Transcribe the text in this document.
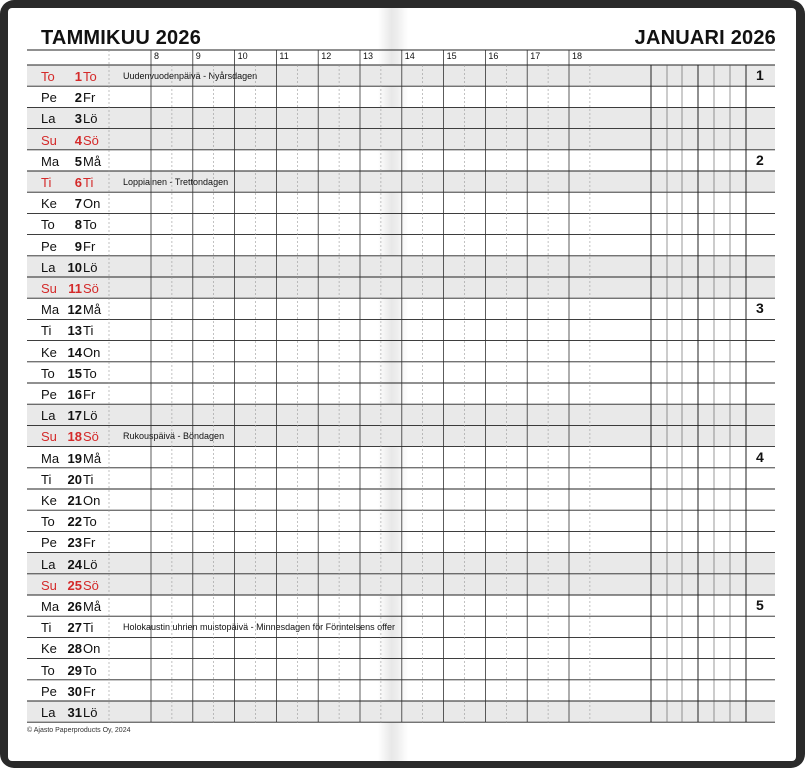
TAMMIKUU 2026	JANUARI 2026
8	9	10	11	12	13	14	15	16	17	18
To	1 To	Uudenvuodenpäivä - Nyårsdagen	1
Pe	2 Fr
La	3 Lö
Su	4 Sö
Ma	5 Må	2
Ti	6 Ti	Loppiainen - Trettondagen
Ke	7 On
To	8 To
Pe	9 Fr
La 10 Lö
Su 11 Sö
Ma 12 Må	3
Ti	13 Ti
Ke 14 On
To 15 To
Pe 16 Fr
La 17 Lö
Su 18 Sö	Rukouspäivä - Böndagen
Ma 19 Må	4
Ti	20 Ti
Ke 21 On
To 22 To
Pe 23 Fr
La 24 Lö
Su 25 Sö
Ma 26 Må	5
Ti	27 Ti	Holokaustin uhrien muistopäivä - Minnesdagen för Förintelsens offer
Ke 28 On
To 29 To
Pe 30 Fr
La 31 Lö
© Ajasto Paperproducts Oy, 2024
